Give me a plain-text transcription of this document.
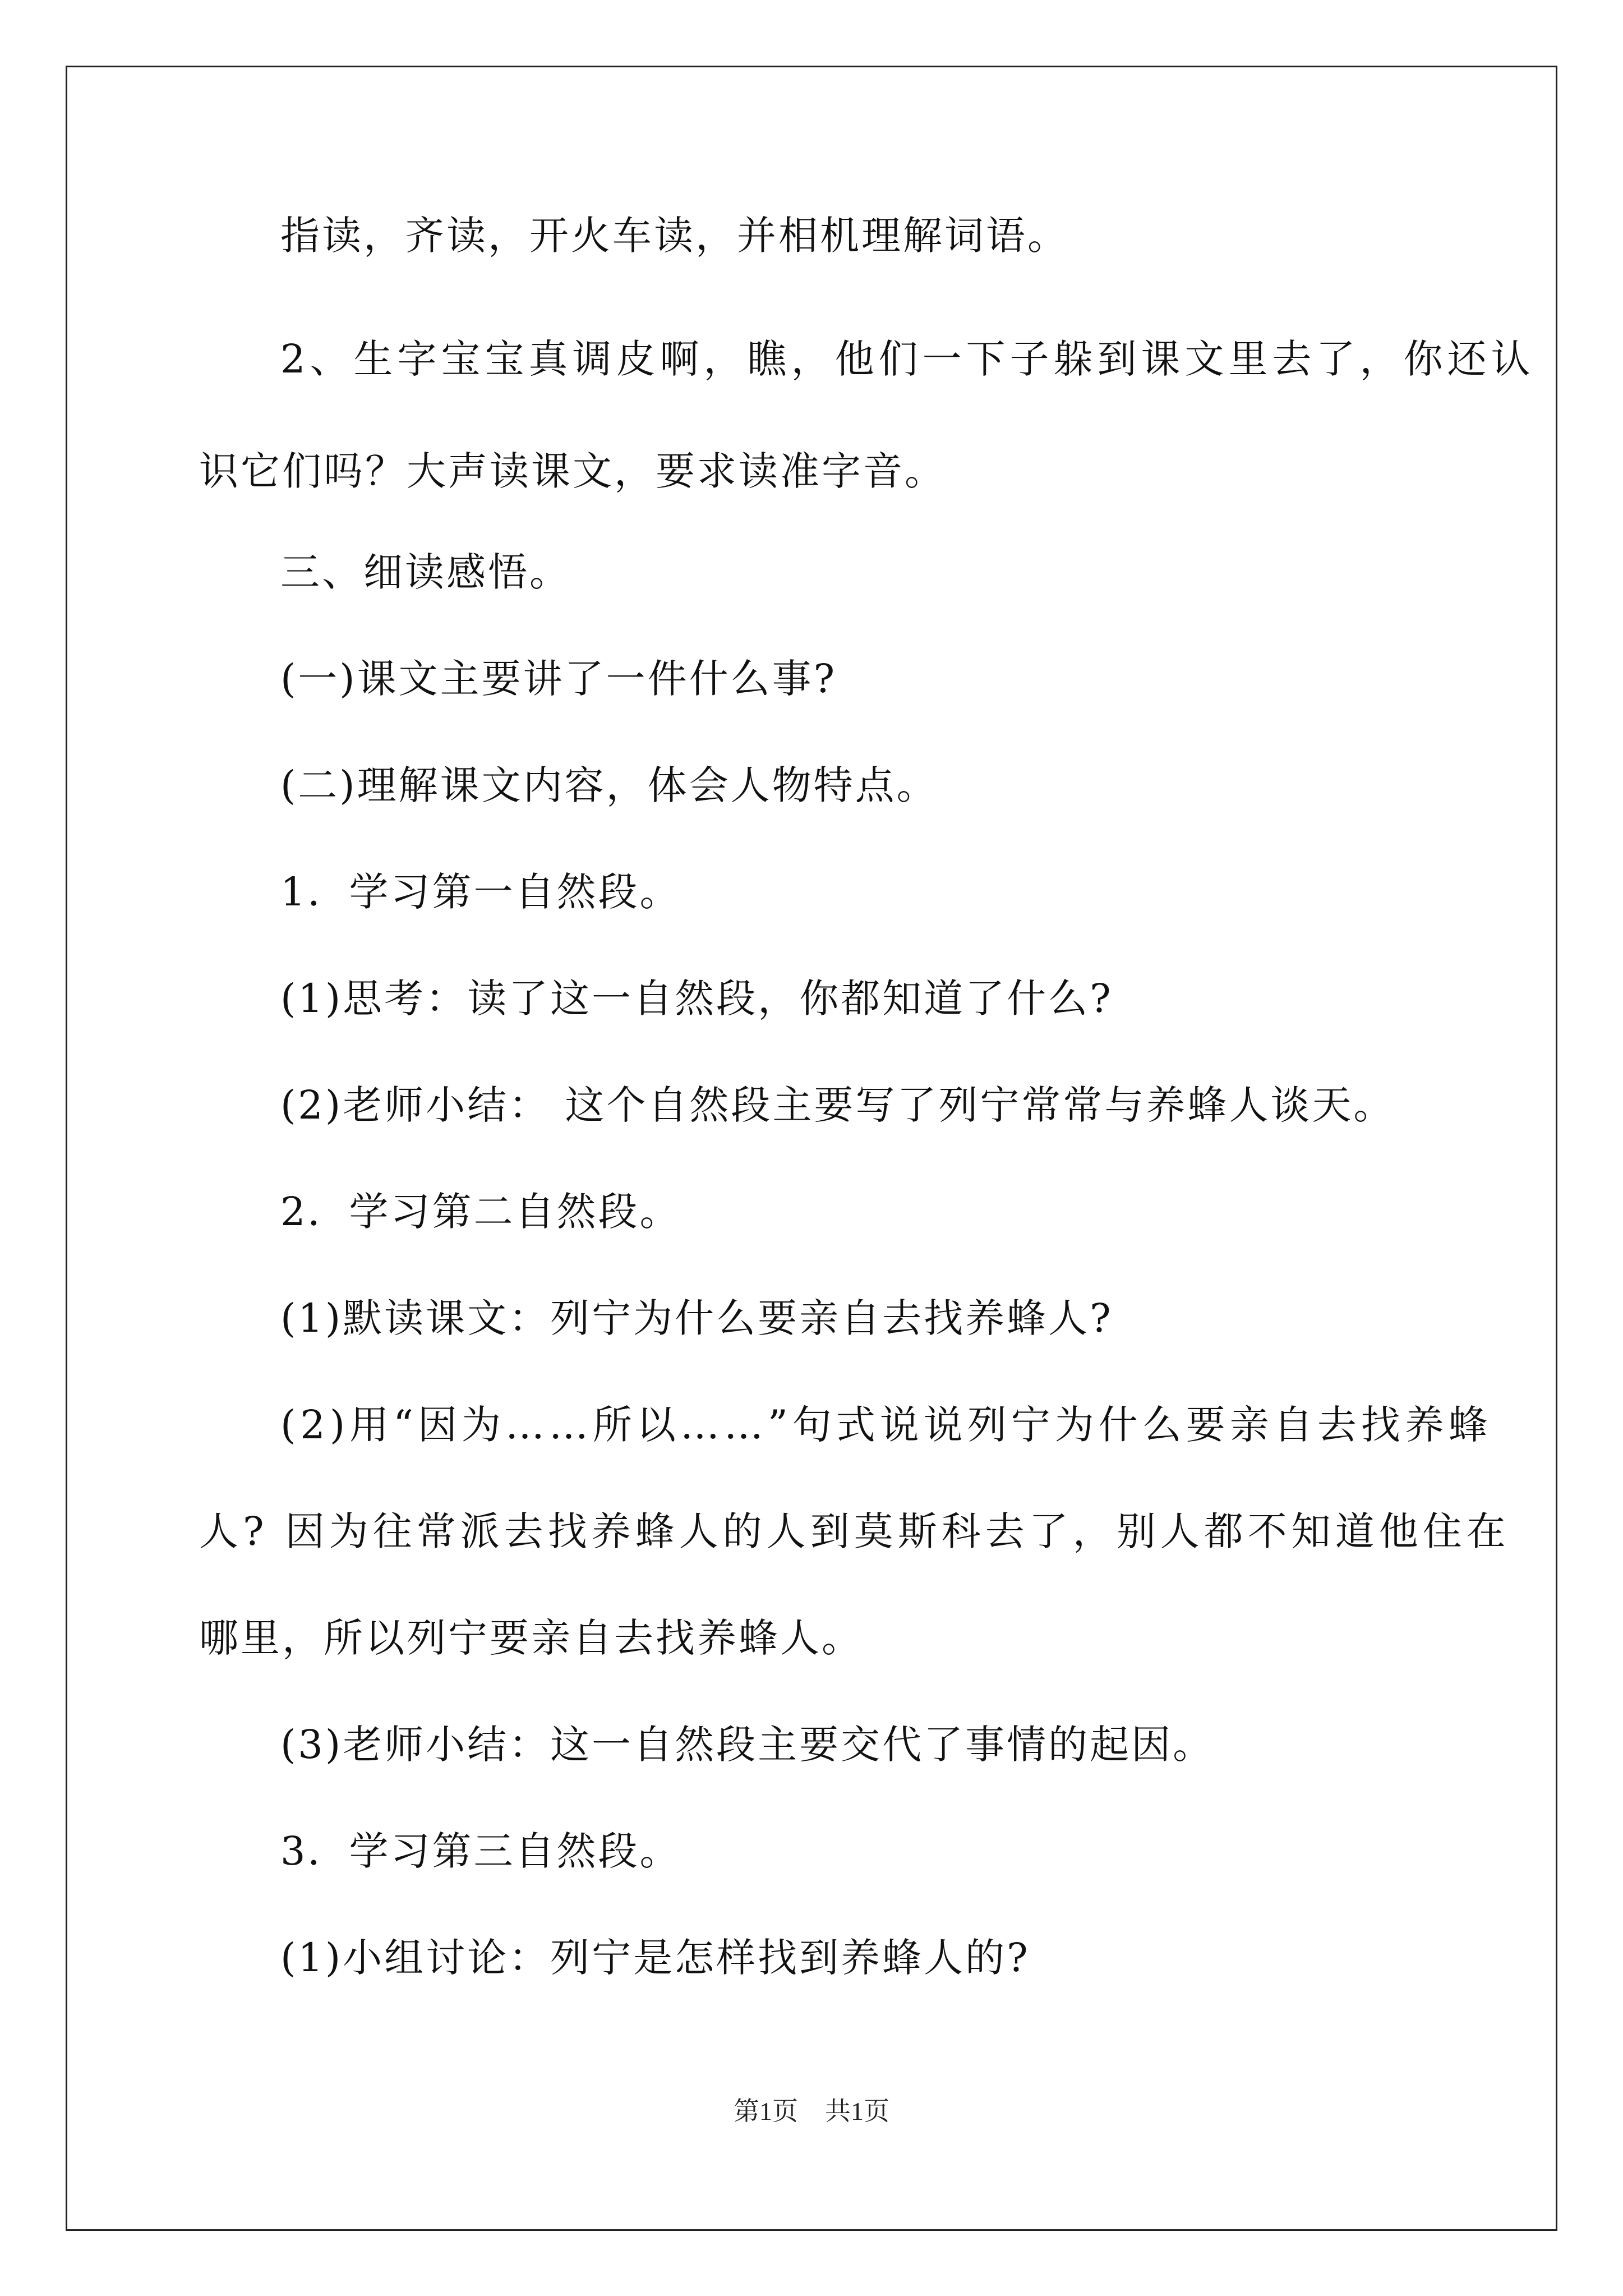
指读，齐读，开火车读，并相机理解词语。
2、生字宝宝真调皮啊，瞧，他们一下子躲到课文里去了，你还认
识它们吗？大声读课文，要求读准字音。
三、细读感悟。
(一)课文主要讲了一件什么事?
(二)理解课文内容，体会人物特点。
1．学习第一自然段。
(1)思考：读了这一自然段，你都知道了什么?
(2)老师小结： 这个自然段主要写了列宁常常与养蜂人谈天。
2．学习第二自然段。
(1)默读课文：列宁为什么要亲自去找养蜂人?
(2)用“因为……所以……”句式说说列宁为什么要亲自去找养蜂
人? 因为往常派去找养蜂人的人到莫斯科去了，别人都不知道他住在
哪里，所以列宁要亲自去找养蜂人。
(3)老师小结：这一自然段主要交代了事情的起因。
3．学习第三自然段。
(1)小组讨论：列宁是怎样找到养蜂人的?
第1页 共1页
